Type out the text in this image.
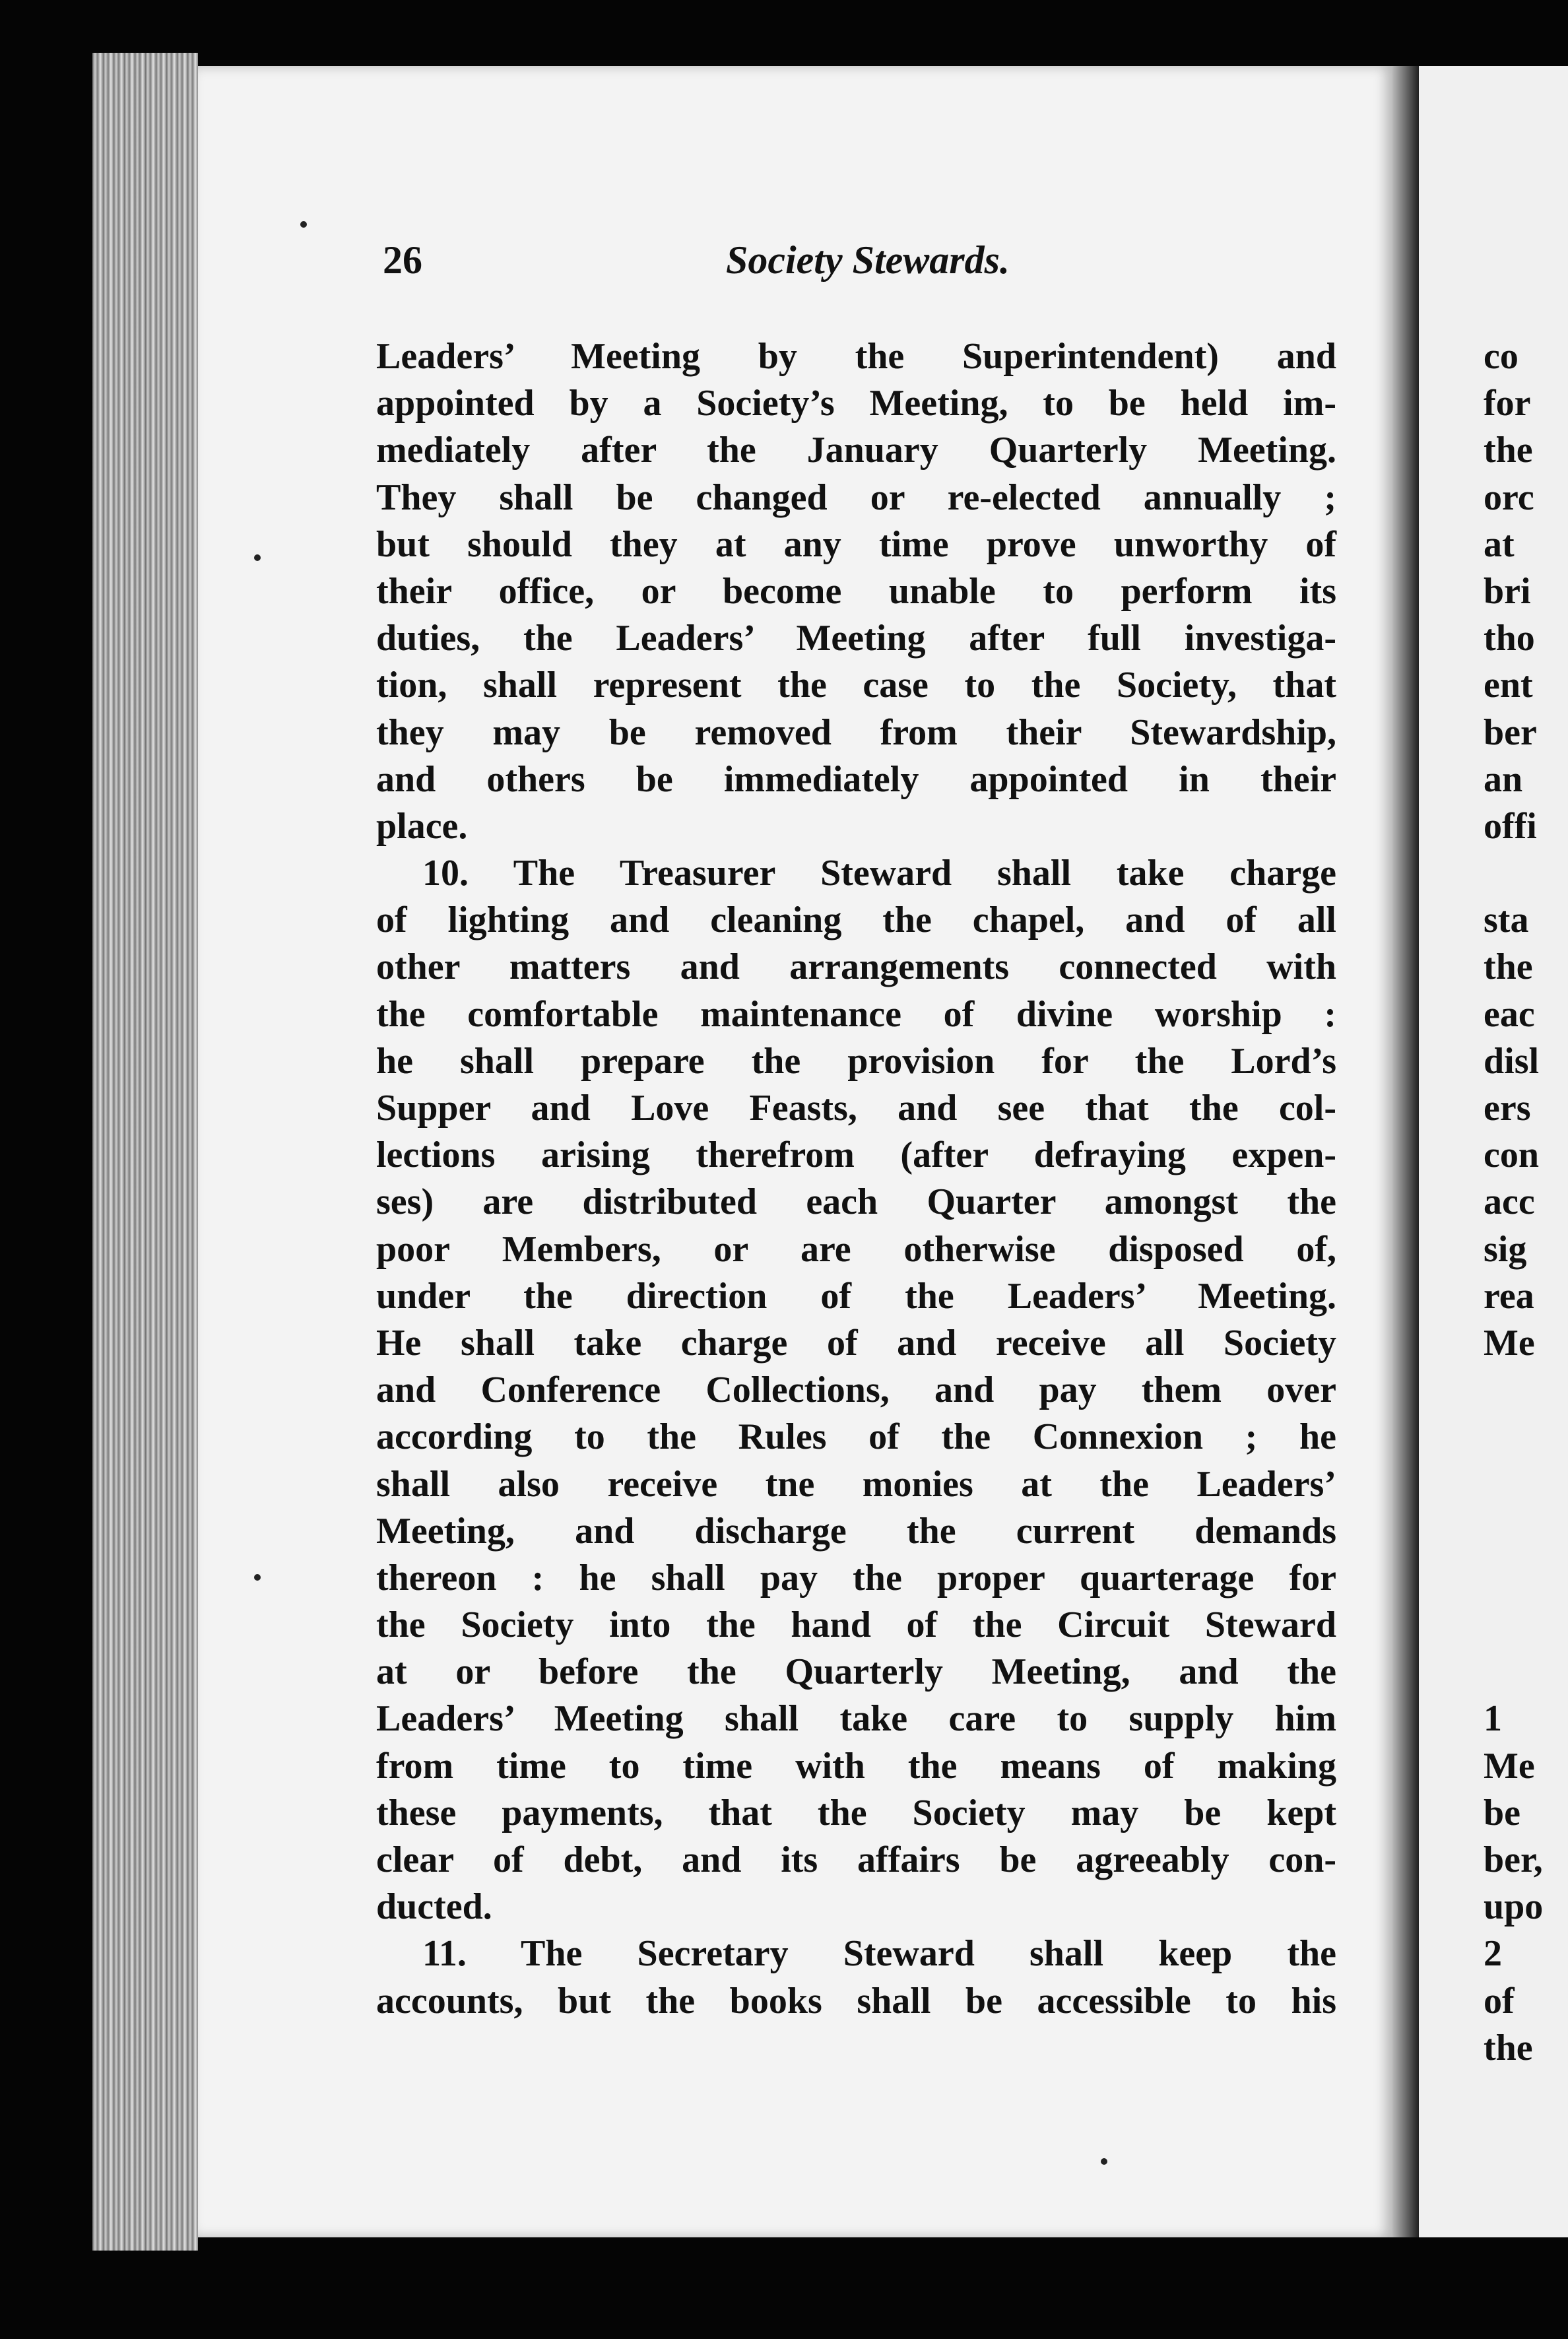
26	Society Stewards.
Leaders’ Meeting by the Superintendent) and
appointed by a Society’s Meeting, to be held im-
mediately after the January Quarterly Meeting.
They shall be changed or re-elected annually ;
but should they at any time prove unworthy of
their office, or become unable to perform its
duties, the Leaders’ Meeting after full investiga-
tion, shall represent the case to the Society, that
they may be removed from their Stewardship,
and others be immediately appointed in their
place.
10. The Treasurer Steward shall take charge
of lighting and cleaning the chapel, and of all
other matters and arrangements connected with
the comfortable maintenance of divine worship :
he shall prepare the provision for the Lord’s
Supper and Love Feasts, and see that the col-
lections arising therefrom (after defraying expen-
ses) are distributed each Quarter amongst the
poor Members, or are otherwise disposed of,
under the direction of the Leaders’ Meeting.
He shall take charge of and receive all Society
and Conference Collections, and pay them over
according to the Rules of the Connexion ; he
shall also receive tne monies at the Leaders’
Meeting, and discharge the current demands
thereon : he shall pay the proper quarterage for
the Society into the hand of the Circuit Steward
at or before the Quarterly Meeting, and the
Leaders’ Meeting shall take care to supply him
from time to time with the means of making
these payments, that the Society may be kept
clear of debt, and its affairs be agreeably con-
ducted.
11. The Secretary Steward shall keep the
accounts, but the books shall be accessible to his
co
for
the
orc
at
bri
tho
ent
ber
an
offi
sta
the
eac
disl
ers
con
acc
sig
rea
Me
1
Me
be
ber,
upo
2
of
the
